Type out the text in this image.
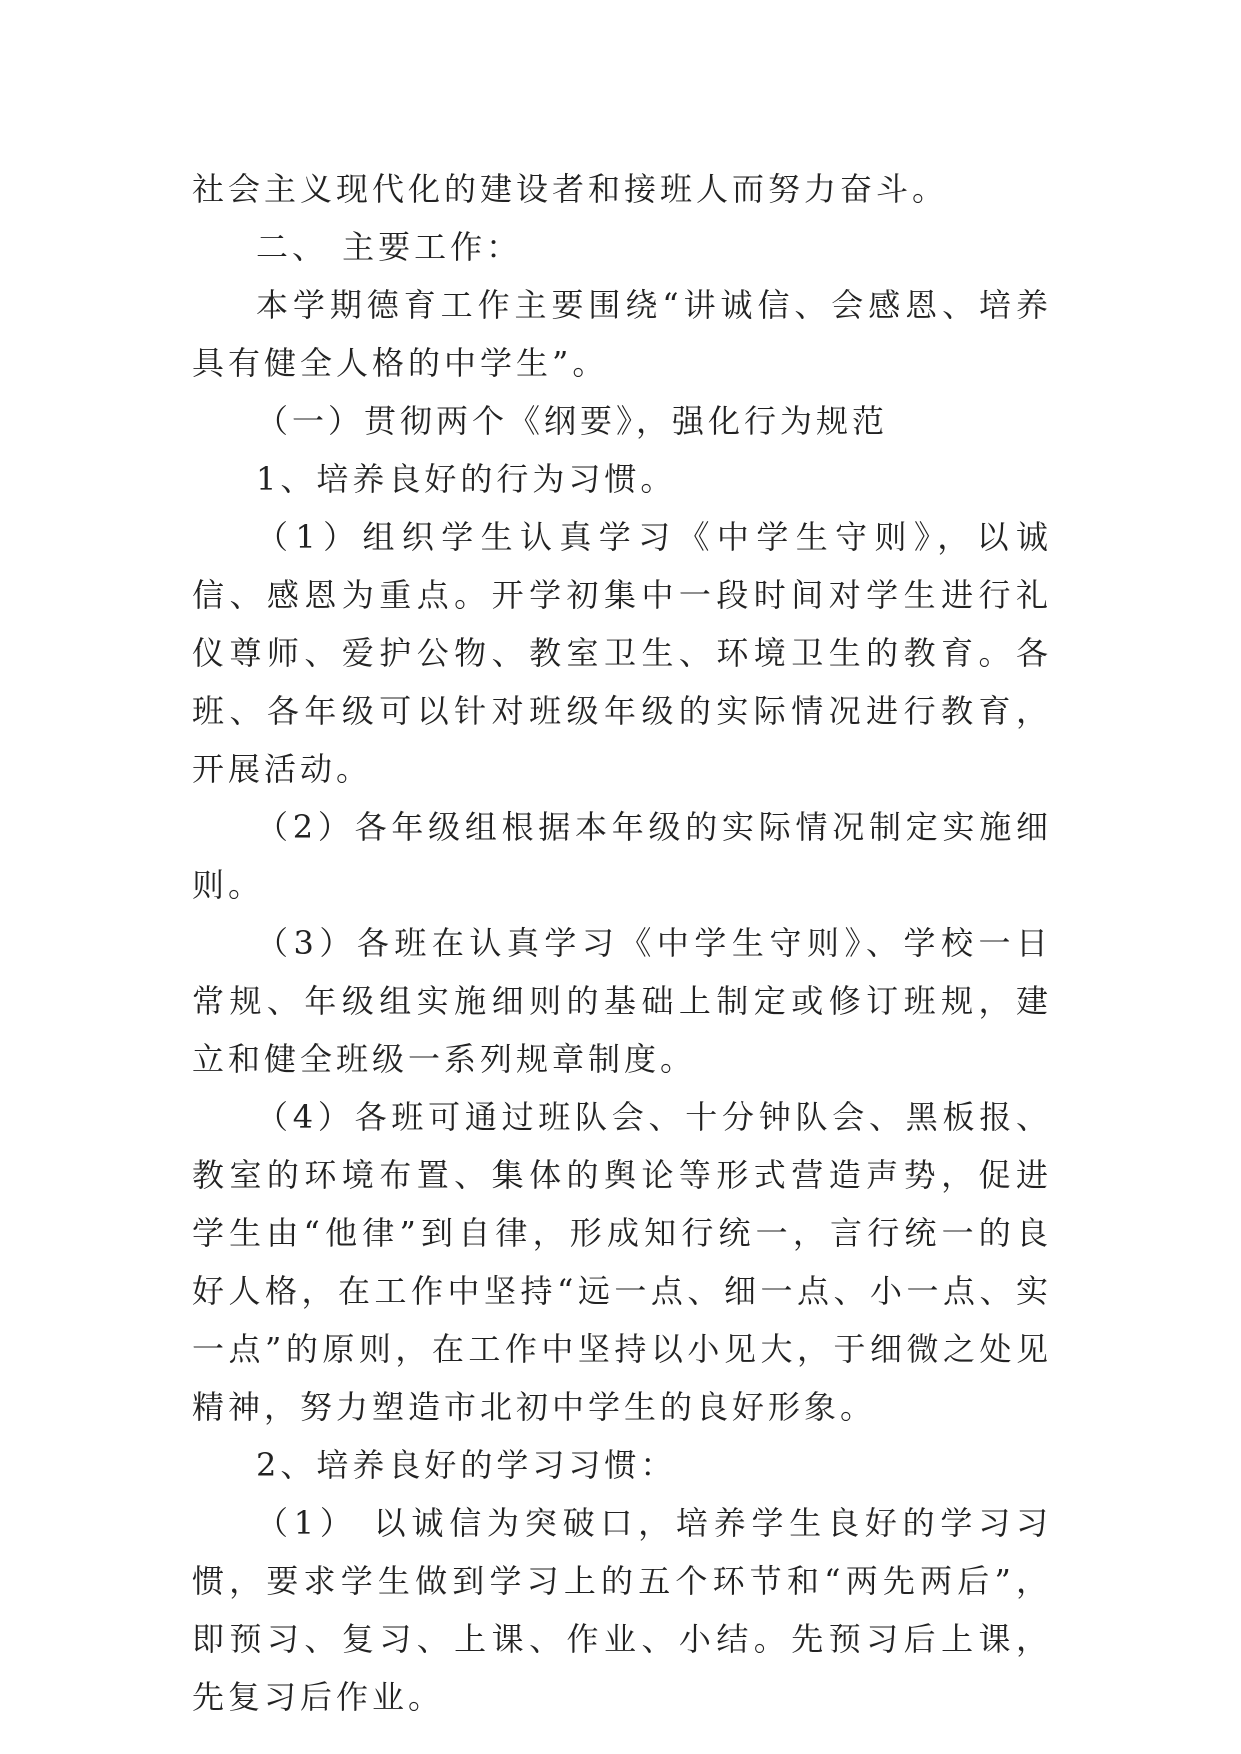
社会主义现代化的建设者和接班人而努力奋斗。

二、 主要工作：

本学期德育工作主要围绕“讲诚信、会感恩、培养具有健全人格的中学生”。

（一）贯彻两个《纲要》，强化行为规范

1、培养良好的行为习惯。

（1）组织学生认真学习《中学生守则》，以诚信、感恩为重点。开学初集中一段时间对学生进行礼仪尊师、爱护公物、教室卫生、环境卫生的教育。各班、各年级可以针对班级年级的实际情况进行教育，开展活动。

（2）各年级组根据本年级的实际情况制定实施细则。

（3）各班在认真学习《中学生守则》、学校一日常规、年级组实施细则的基础上制定或修订班规，建立和健全班级一系列规章制度。

（4）各班可通过班队会、十分钟队会、黑板报、教室的环境布置、集体的舆论等形式营造声势，促进学生由“他律”到自律，形成知行统一，言行统一的良好人格，在工作中坚持“远一点、细一点、小一点、实一点”的原则，在工作中坚持以小见大，于细微之处见精神，努力塑造市北初中学生的良好形象。

2、培养良好的学习习惯：

（1） 以诚信为突破口，培养学生良好的学习习惯，要求学生做到学习上的五个环节和“两先两后”，即预习、复习、上课、作业、小结。先预习后上课，先复习后作业。
